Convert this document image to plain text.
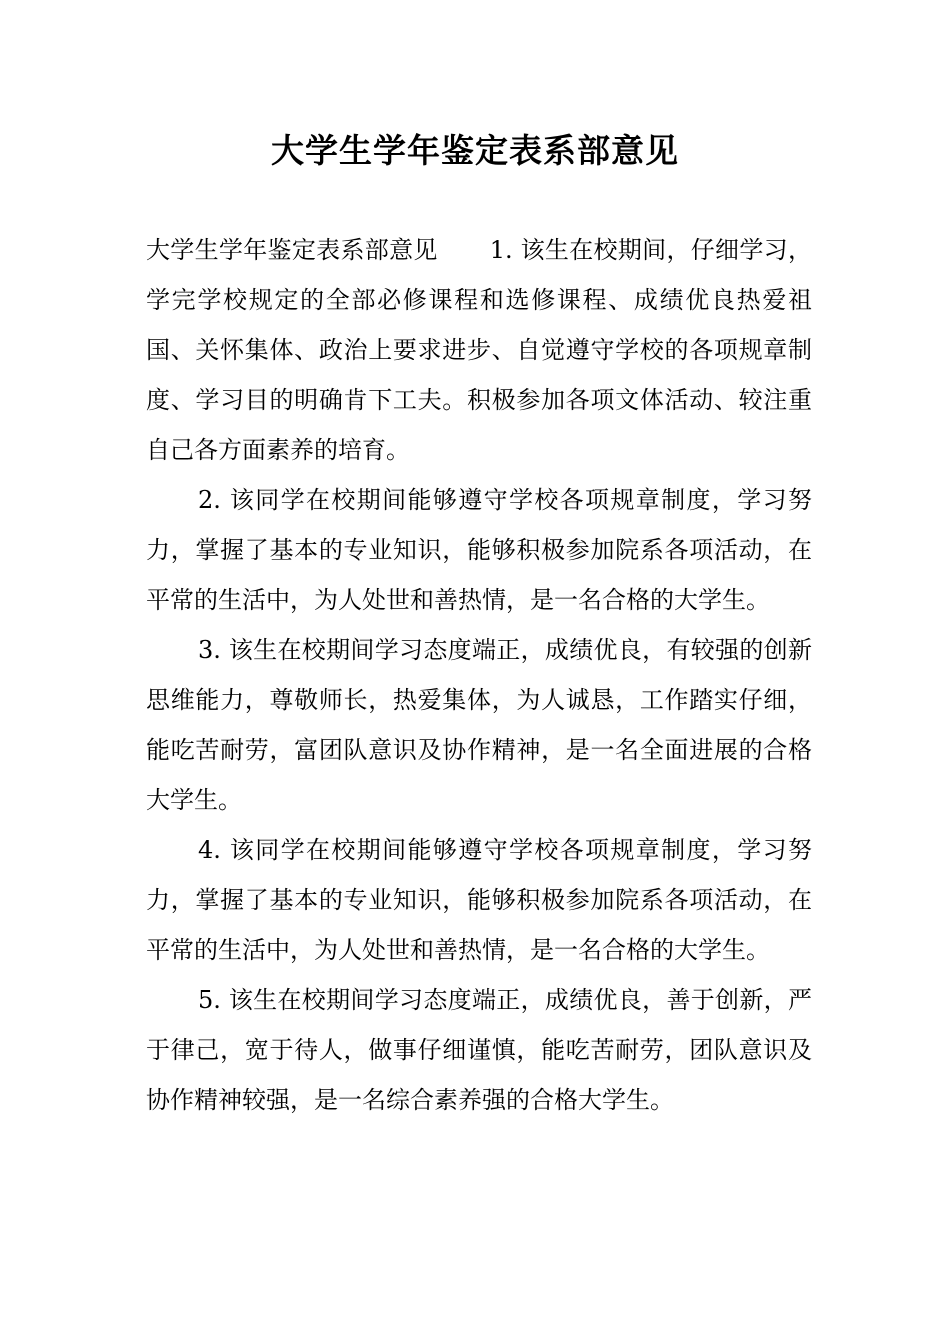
大学生学年鉴定表系部意见

大学生学年鉴定表系部意见 1. 该生在校期间，仔细学习，学完学校规定的全部必修课程和选修课程、成绩优良热爱祖国、关怀集体、政治上要求进步、自觉遵守学校的各项规章制度、学习目的明确肯下工夫。积极参加各项文体活动、较注重自己各方面素养的培育。

2. 该同学在校期间能够遵守学校各项规章制度，学习努力，掌握了基本的专业知识，能够积极参加院系各项活动，在平常的生活中，为人处世和善热情，是一名合格的大学生。

3. 该生在校期间学习态度端正，成绩优良，有较强的创新思维能力，尊敬师长，热爱集体，为人诚恳，工作踏实仔细，能吃苦耐劳，富团队意识及协作精神，是一名全面进展的合格大学生。

4. 该同学在校期间能够遵守学校各项规章制度，学习努力，掌握了基本的专业知识，能够积极参加院系各项活动，在平常的生活中，为人处世和善热情，是一名合格的大学生。

5. 该生在校期间学习态度端正，成绩优良，善于创新，严于律己，宽于待人，做事仔细谨慎，能吃苦耐劳，团队意识及协作精神较强，是一名综合素养强的合格大学生。
